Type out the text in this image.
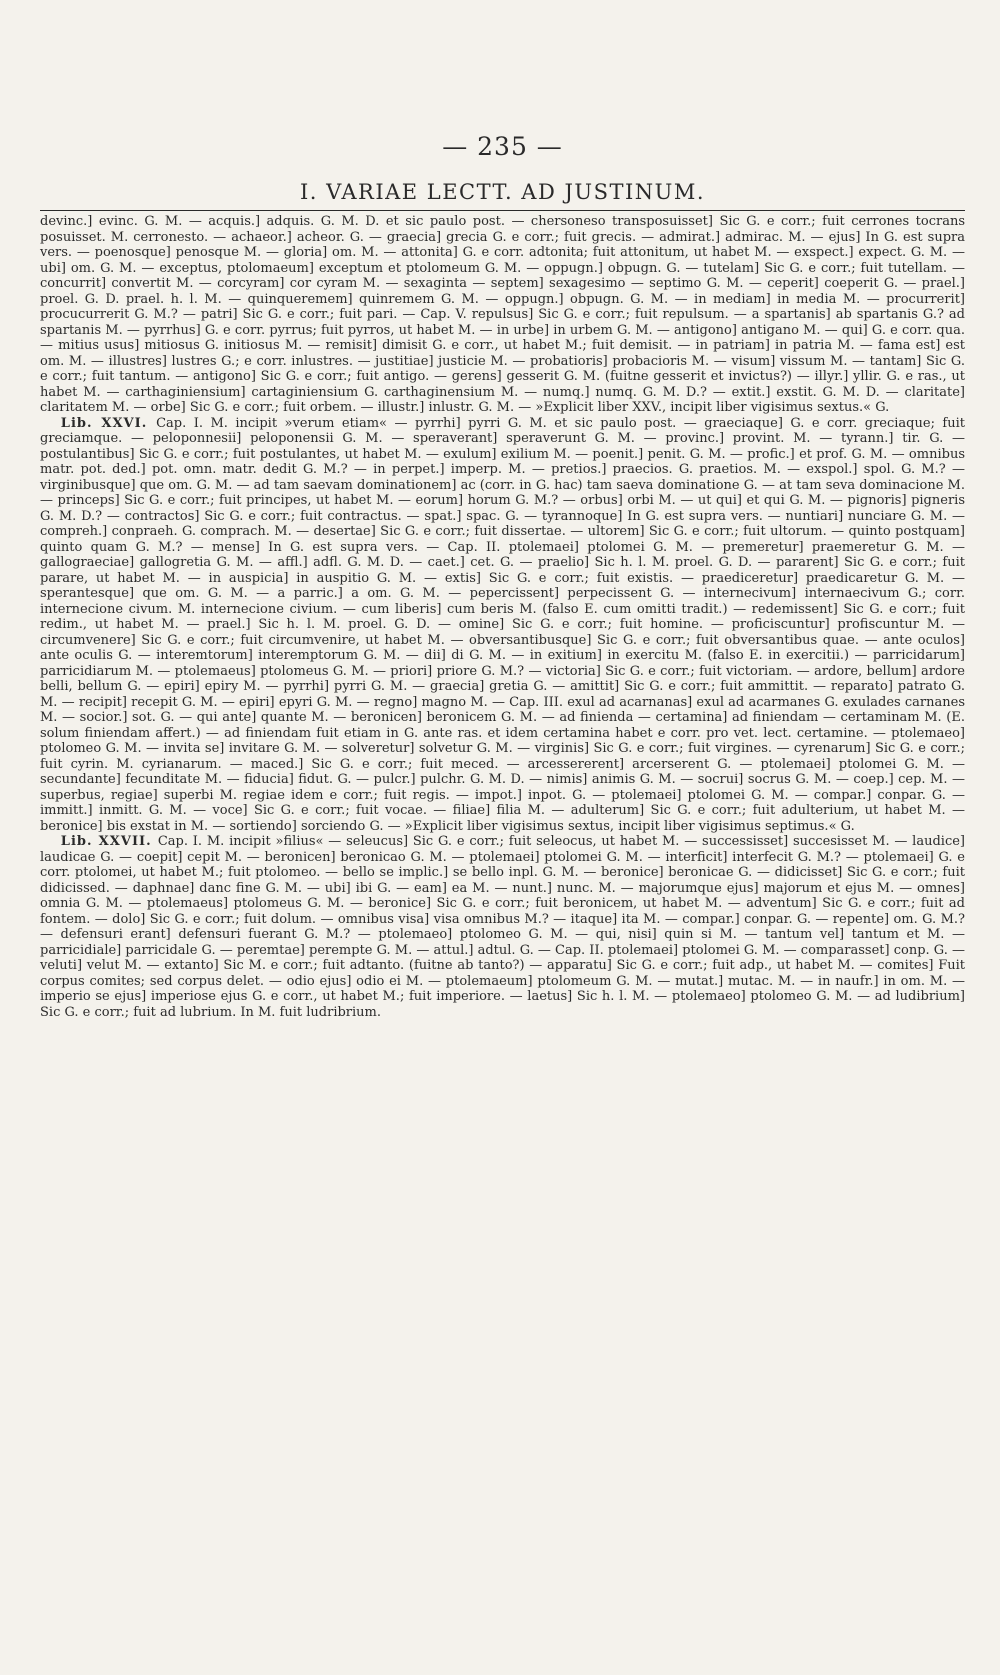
— 235 —
I. VARIAE LECTT. AD JUSTINUM.

devinc.] evinc. G. M. — acquis.] adquis. G. M. D. et sic paulo post. — chersoneso transposuisset] Sic G. e corr.; fuit cerrones tocrans posuisset. M. cerronesto. — achaeor.] acheor. G. — graecia] grecia G. e corr.; fuit grecis. — admirat.] admirac. M. — ejus] In G. est supra vers. — poenosque] penosque M. — gloria] om. M. — attonita] G. e corr. adtonita; fuit attonitum, ut habet M. — exspect.] expect. G. M. — ubi] om. G. M. — exceptus, ptolomaeum] exceptum et ptolomeum G. M. — oppugn.] obpugn. G. — tutelam] Sic G. e corr.; fuit tutellam. — concurrit] convertit M. — corcyram] cor cyram M. — sexaginta — septem] sexagesimo — septimo G. M. — ceperit] coeperit G. — prael.] proel. G. D. prael. h. l. M. — quinqueremem] quinremem G. M. — oppugn.] obpugn. G. M. — in mediam] in media M. — procurrerit] procucurrerit G. M.? — patri] Sic G. e corr.; fuit pari. — Cap. V. repulsus] Sic G. e corr.; fuit repulsum. — a spartanis] ab spartanis G.? ad spartanis M. — pyrrhus] G. e corr. pyrrus; fuit pyrros, ut habet M. — in urbe] in urbem G. M. — antigono] antigano M. — qui] G. e corr. qua. — mitius usus] mitiosus G. initiosus M. — remisit] dimisit G. e corr., ut habet M.; fuit demisit. — in patriam] in patria M. — fama est] est om. M. — illustres] lustres G.; e corr. inlustres. — justitiae] justicie M. — probatioris] probacioris M. — visum] vissum M. — tantam] Sic G. e corr.; fuit tantum. — antigono] Sic G. e corr.; fuit antigo. — gerens] gesserit G. M. (fuitne gesserit et invictus?) — illyr.] yllir. G. e ras., ut habet M. — carthaginiensium] cartaginiensium G. carthaginensium M. — numq.] numq. G. M. D.? — extit.] exstit. G. M. D. — claritate] claritatem M. — orbe] Sic G. e corr.; fuit orbem. — illustr.] inlustr. G. M. — »Explicit liber XXV., incipit liber vigisimus sextus.« G.

Lib. XXVI. Cap. I. M. incipit »verum etiam« — pyrrhi] pyrri G. M. et sic paulo post. — graeciaque] G. e corr. greciaque; fuit greciamque. — peloponnesii] peloponensii G. M. — speraverant] speraverunt G. M. — provinc.] provint. M. — tyrann.] tir. G. — postulantibus] Sic G. e corr.; fuit postulantes, ut habet M. — exulum] exilium M. — poenit.] penit. G. M. — profic.] et prof. G. M. — omnibus matr. pot. ded.] pot. omn. matr. dedit G. M.? — in perpet.] imperp. M. — pretios.] praecios. G. praetios. M. — exspol.] spol. G. M.? — virginibusque] que om. G. M. — ad tam saevam dominationem] ac (corr. in G. hac) tam saeva dominatione G. — at tam seva dominacione M. — princeps] Sic G. e corr.; fuit principes, ut habet M. — eorum] horum G. M.? — orbus] orbi M. — ut qui] et qui G. M. — pignoris] pigneris G. M. D.? — contractos] Sic G. e corr.; fuit contractus. — spat.] spac. G. — tyrannoque] In G. est supra vers. — nuntiari] nunciare G. M. — compreh.] conpraeh. G. comprach. M. — desertae] Sic G. e corr.; fuit dissertae. — ultorem] Sic G. e corr.; fuit ultorum. — quinto postquam] quinto quam G. M.? — mense] In G. est supra vers. — Cap. II. ptolemaei] ptolomei G. M. — premeretur] praemeretur G. M. — gallograeciae] gallogretia G. M. — affl.] adfl. G. M. D. — caet.] cet. G. — praelio] Sic h. l. M. proel. G. D. — pararent] Sic G. e corr.; fuit parare, ut habet M. — in auspicia] in auspitio G. M. — extis] Sic G. e corr.; fuit existis. — praediceretur] praedicaretur G. M. — sperantesque] que om. G. M. — a parric.] a om. G. M. — pepercissent] perpecissent G. — internecivum] internaecivum G.; corr. internecione civum. M. internecione civium. — cum liberis] cum beris M. (falso E. cum omitti tradit.) — redemissent] Sic G. e corr.; fuit redim., ut habet M. — prael.] Sic h. l. M. proel. G. D. — omine] Sic G. e corr.; fuit homine. — proficiscuntur] profiscuntur M. — circumvenere] Sic G. e corr.; fuit circumvenire, ut habet M. — obversantibusque] Sic G. e corr.; fuit obversantibus quae. — ante oculos] ante oculis G. — interemtorum] interemptorum G. M. — dii] di G. M. — in exitium] in exercitu M. (falso E. in exercitii.) — parricidarum] parricidiarum M. — ptolemaeus] ptolomeus G. M. — priori] priore G. M.? — victoria] Sic G. e corr.; fuit victoriam. — ardore, bellum] ardore belli, bellum G. — epiri] epiry M. — pyrrhi] pyrri G. M. — graecia] gretia G. — amittit] Sic G. e corr.; fuit ammittit. — reparato] patrato G. M. — recipit] recepit G. M. — epiri] epyri G. M. — regno] magno M. — Cap. III. exul ad acarnanas] exul ad acarmanes G. exulades carnanes M. — socior.] sot. G. — qui ante] quante M. — beronicen] beronicem G. M. — ad finienda — certamina] ad finiendam — certaminam M. (E. solum finiendam affert.) — ad finiendam fuit etiam in G. ante ras. et idem certamina habet e corr. pro vet. lect. certamine. — ptolemaeo] ptolomeo G. M. — invita se] invitare G. M. — solveretur] solvetur G. M. — virginis] Sic G. e corr.; fuit virgines. — cyrenarum] Sic G. e corr.; fuit cyrin. M. cyrianarum. — maced.] Sic G. e corr.; fuit meced. — arcessererent] arcerserent G. — ptolemaei] ptolomei G. M. — secundante] fecunditate M. — fiducia] fidut. G. — pulcr.] pulchr. G. M. D. — nimis] animis G. M. — socrui] socrus G. M. — coep.] cep. M. — superbus, regiae] superbi M. regiae idem e corr.; fuit regis. — impot.] inpot. G. — ptolemaei] ptolomei G. M. — compar.] conpar. G. — immitt.] inmitt. G. M. — voce] Sic G. e corr.; fuit vocae. — filiae] filia M. — adulterum] Sic G. e corr.; fuit adulterium, ut habet M. — beronice] bis exstat in M. — sortiendo] sorciendo G. — »Explicit liber vigisimus sextus, incipit liber vigisimus septimus.« G.

Lib. XXVII. Cap. I. M. incipit »filius« — seleucus] Sic G. e corr.; fuit seleocus, ut habet M. — successisset] succesisset M. — laudice] laudicae G. — coepit] cepit M. — beronicen] beronicao G. M. — ptolemaei] ptolomei G. M. — interficit] interfecit G. M.? — ptolemaei] G. e corr. ptolomei, ut habet M.; fuit ptolomeo. — bello se implic.] se bello inpl. G. M. — beronice] beronicae G. — didicisset] Sic G. e corr.; fuit didicissed. — daphnae] danc fine G. M. — ubi] ibi G. — eam] ea M. — nunt.] nunc. M. — majorumque ejus] majorum et ejus M. — omnes] omnia G. M. — ptolemaeus] ptolomeus G. M. — beronice] Sic G. e corr.; fuit beronicem, ut habet M. — adventum] Sic G. e corr.; fuit ad fontem. — dolo] Sic G. e corr.; fuit dolum. — omnibus visa] visa omnibus M.? — itaque] ita M. — compar.] conpar. G. — repente] om. G. M.? — defensuri erant] defensuri fuerant G. M.? — ptolemaeo] ptolomeo G. M. — qui, nisi] quin si M. — tantum vel] tantum et M. — parricidiale] parricidale G. — peremtae] perempte G. M. — attul.] adtul. G. — Cap. II. ptolemaei] ptolomei G. M. — comparasset] conp. G. — veluti] velut M. — extanto] Sic M. e corr.; fuit adtanto. (fuitne ab tanto?) — apparatu] Sic G. e corr.; fuit adp., ut habet M. — comites] Fuit corpus comites; sed corpus delet. — odio ejus] odio ei M. — ptolemaeum] ptolomeum G. M. — mutat.] mutac. M. — in naufr.] in om. M. — imperio se ejus] imperiose ejus G. e corr., ut habet M.; fuit imperiore. — laetus] Sic h. l. M. — ptolemaeo] ptolomeo G. M. — ad ludibrium] Sic G. e corr.; fuit ad lubrium. In M. fuit ludribrium.
